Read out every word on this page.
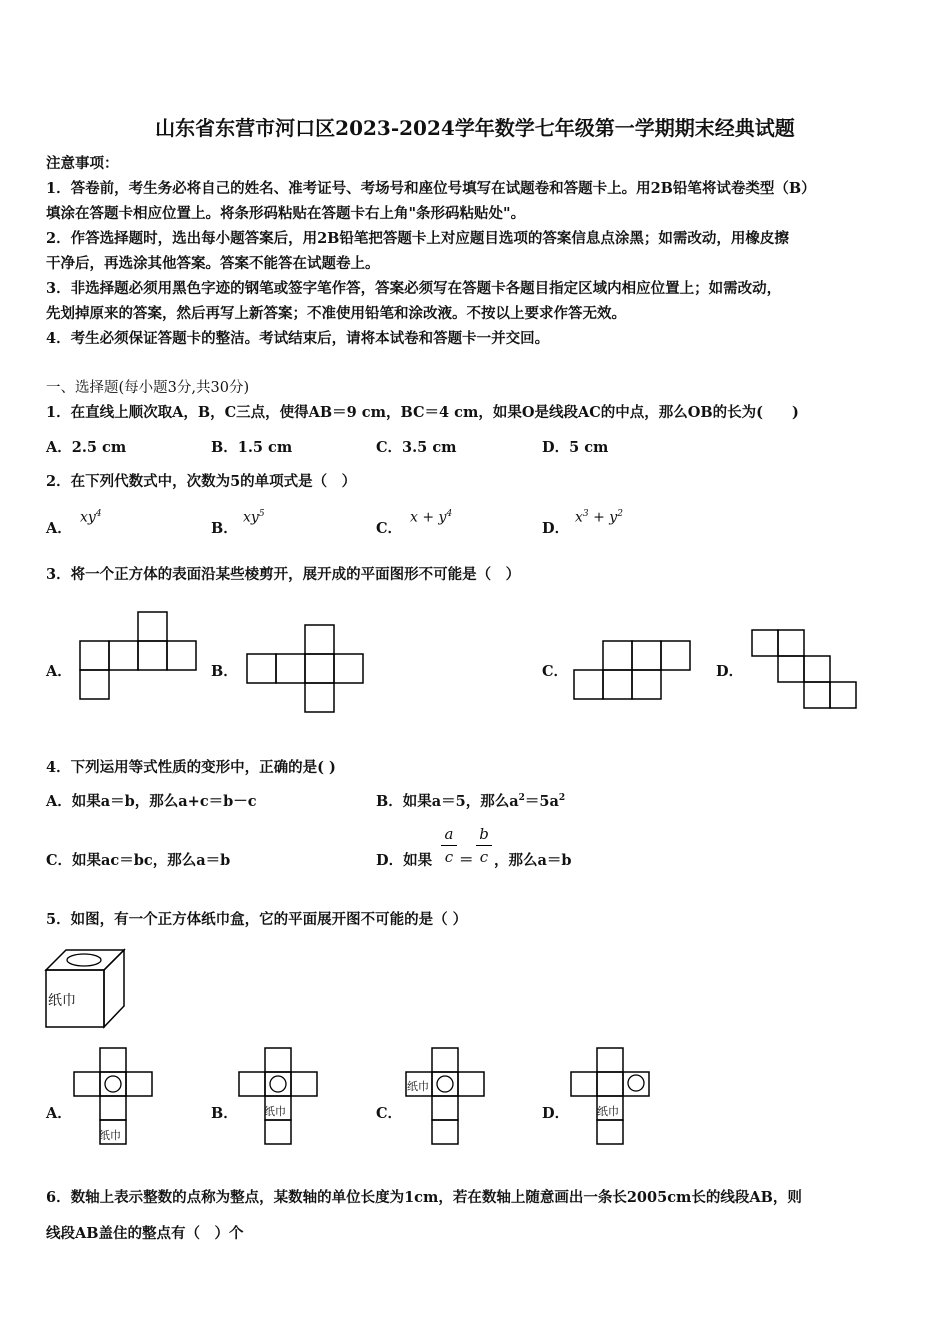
山东省东营市河口区2023-2024学年数学七年级第一学期期末经典试题
注意事项：
1．答卷前，考生务必将自己的姓名、准考证号、考场号和座位号填写在试题卷和答题卡上。用2B铅笔将试卷类型（B）
填涂在答题卡相应位置上。将条形码粘贴在答题卡右上角"条形码粘贴处"。
2．作答选择题时，选出每小题答案后，用2B铅笔把答题卡上对应题目选项的答案信息点涂黑；如需改动，用橡皮擦
干净后，再选涂其他答案。答案不能答在试题卷上。
3．非选择题必须用黑色字迹的钢笔或签字笔作答，答案必须写在答题卡各题目指定区域内相应位置上；如需改动，
先划掉原来的答案，然后再写上新答案；不准使用铅笔和涂改液。不按以上要求作答无效。
4．考生必须保证答题卡的整洁。考试结束后，请将本试卷和答题卡一并交回。
一、选择题(每小题3分,共30分)
1．在直线上顺次取A，B，C三点，使得AB＝9 cm，BC＝4 cm，如果O是线段AC的中点，那么OB的长为(　　)
A．2.5 cm	B．1.5 cm	C．3.5 cm	D．5 cm
2．在下列代数式中，次数为5的单项式是（　）
A．
$xy^4$
B．
$xy^5$
C．
$x + y^4$
D．
$x^3 + y^2$
3．将一个正方体的表面沿某些棱剪开，展开成的平面图形不可能是（　）
A．	B．	C．	D．
4．下列运用等式性质的变形中，正确的是( )
A．如果a＝b，那么a+c＝b－c	B．如果a＝5，那么$a^2=5a^2$
C．如果ac＝bc，那么a＝b	D．如果
a
c ＝
b
c ，那么a＝b
5．如图，有一个正方体纸巾盒，它的平面展开图不可能的是（ ）
纸巾
A．
纸巾
B． 纸巾	C．
纸巾
D．	纸巾
6．数轴上表示整数的点称为整点，某数轴的单位长度为1cm，若在数轴上随意画出一条长2005cm长的线段AB，则
线段AB盖住的整点有（　）个
